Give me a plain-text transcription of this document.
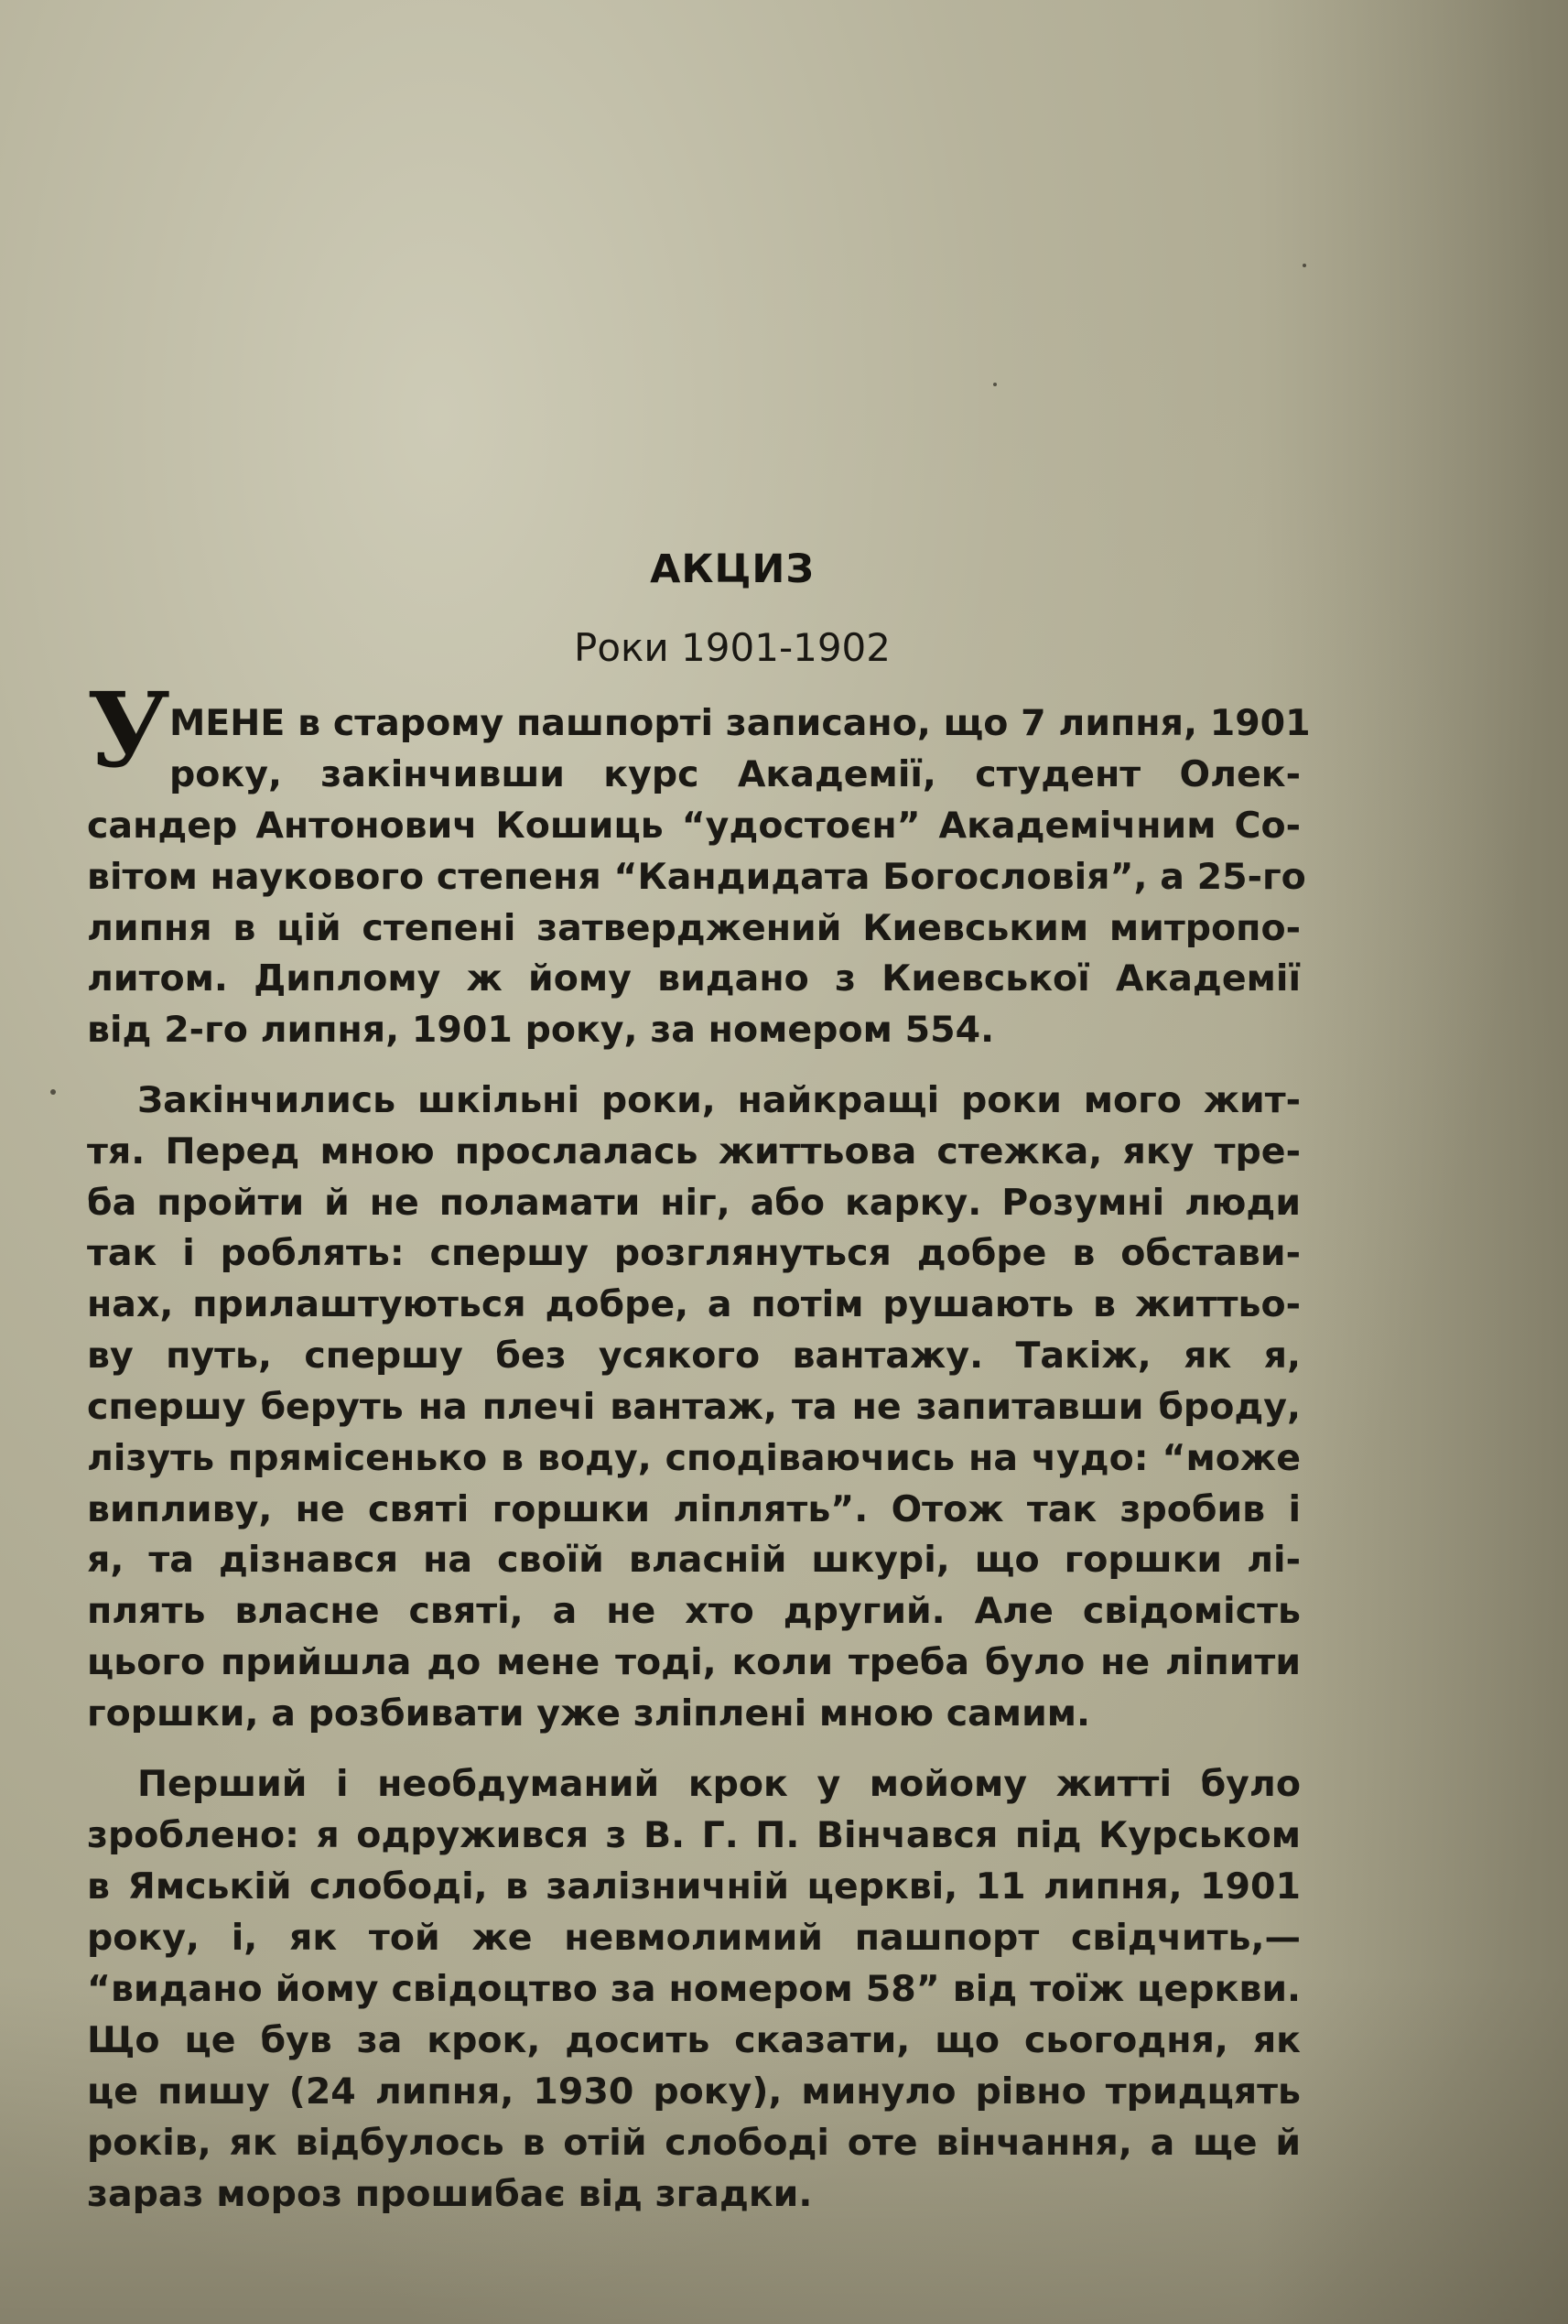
АКЦИЗ
Роки 1901-1902
У МЕНЕ в старому пашпорті записано, що 7 липня, 1901
року, закінчивши курс Академії, студент Олек-
сандер Антонович Кошиць “удостоєн” Академічним Со-
вітом наукового степеня “Кандидата Богословія”, а 25-го
липня в цій степені затверджений Киевським митропо-
литом. Диплому ж йому видано з Киевської Академії
від 2-го липня, 1901 року, за номером 554.
Закінчились шкільні роки, найкращі роки мого жит-
тя. Перед мною прослалась життьова стежка, яку тре-
ба пройти й не поламати ніг, або карку. Розумні люди
так і роблять: спершу розглянуться добре в обстави-
нах, прилаштуються добре, а потім рушають в життьо-
ву путь, спершу без усякого вантажу. Такіж, як я,
спершу беруть на плечі вантаж, та не запитавши броду,
лізуть прямісенько в воду, сподіваючись на чудо: “може
випливу, не святі горшки ліплять”. Отож так зробив і
я, та дізнався на своїй власній шкурі, що горшки лі-
плять власне святі, а не хто другий. Але свідомість
цього прийшла до мене тоді, коли треба було не ліпити
горшки, а розбивати уже зліплені мною самим.
Перший і необдуманий крок у мойому житті було
зроблено: я одружився з В. Г. П. Вінчався під Курськом
в Ямській слободі, в залізничній церкві, 11 липня, 1901
року, і, як той же невмолимий пашпорт свідчить,—
“видано йому свідоцтво за номером 58” від тоїж церкви.
Що це був за крок, досить сказати, що сьогодня, як
це пишу (24 липня, 1930 року), минуло рівно тридцять
років, як відбулось в отій слободі оте вінчання, а ще й
зараз мороз прошибає від згадки.
